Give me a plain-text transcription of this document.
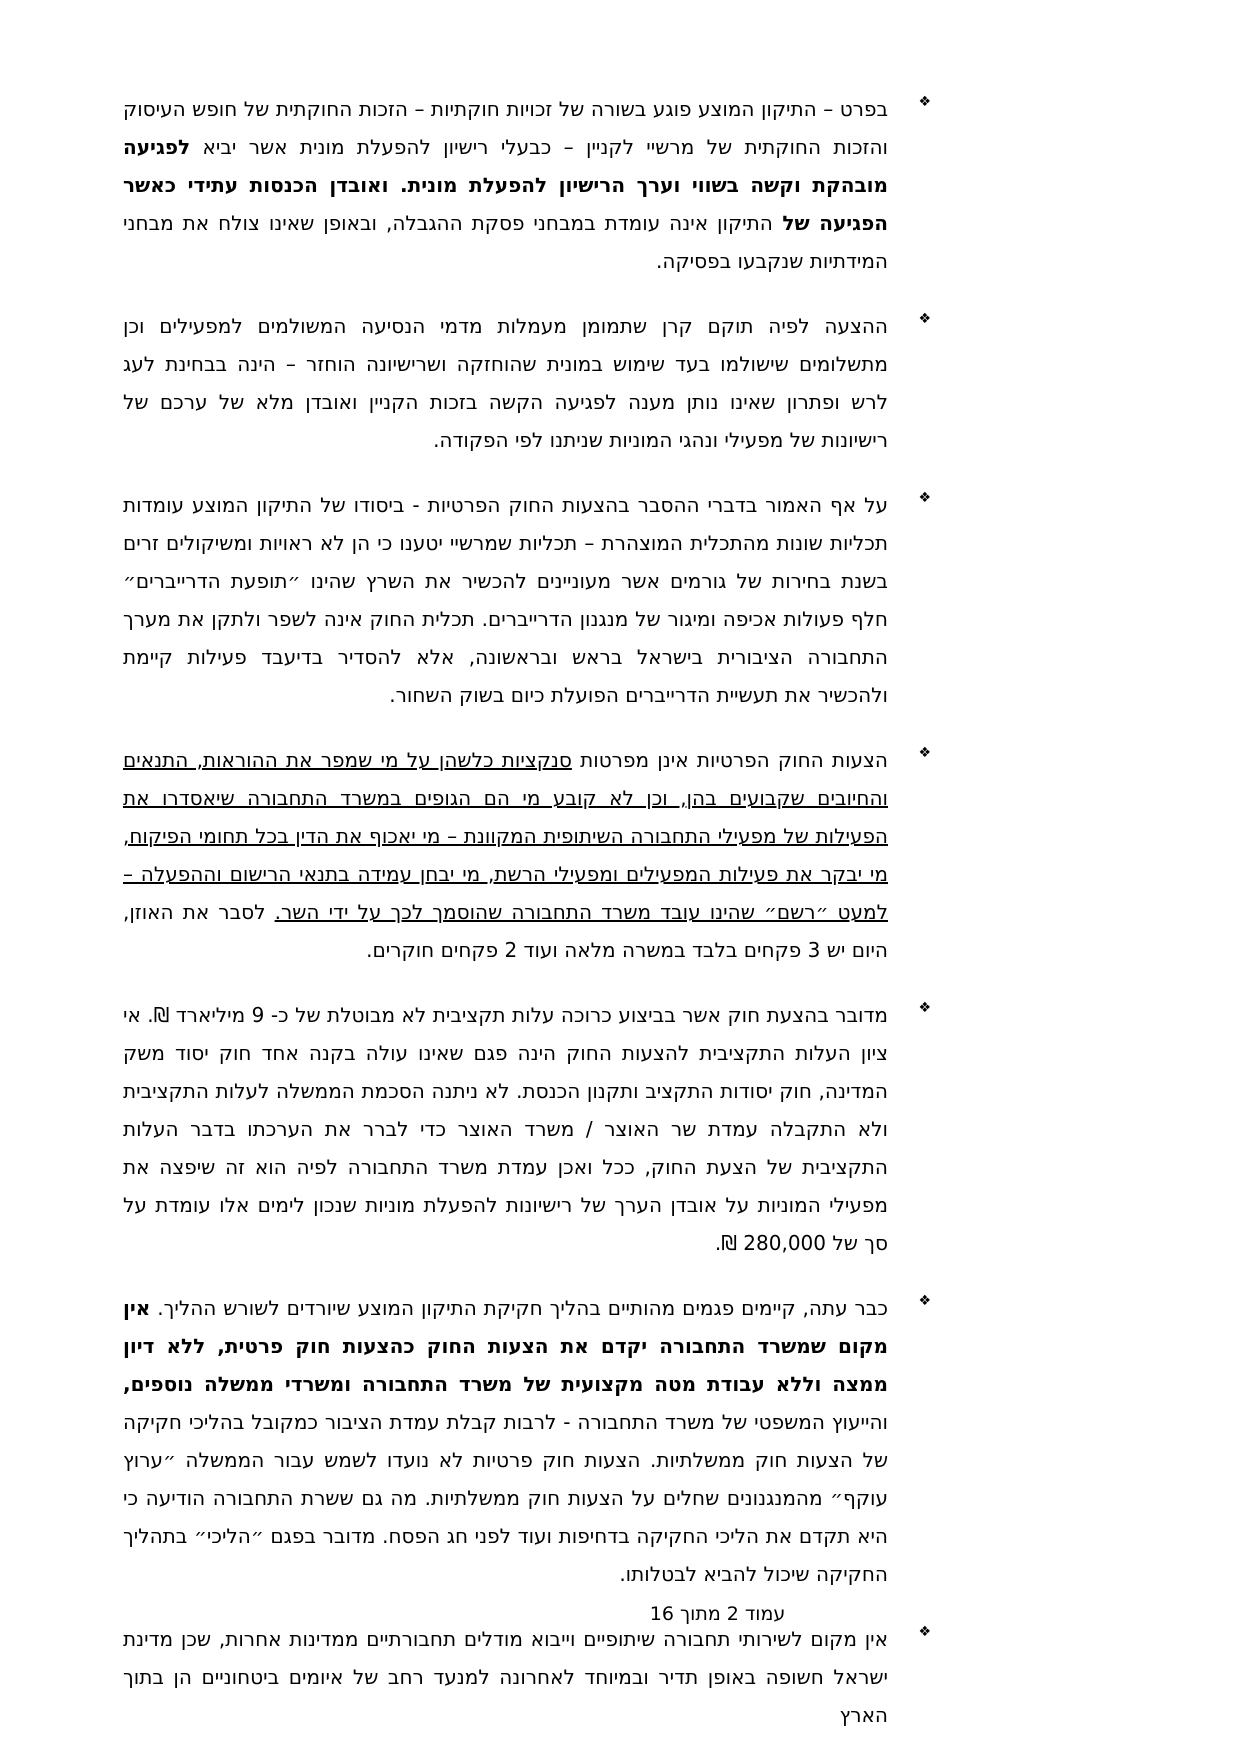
❖

בפרט – התיקון המוצע פוגע בשורה של זכויות חוקתיות – הזכות החוקתית של חופש העיסוק והזכות החוקתית של מרשיי לקניין – כבעלי רישיון להפעלת מונית אשר יביא לפגיעה מובהקת וקשה בשווי וערך הרישיון להפעלת מונית. ואובדן הכנסות עתידי כאשר הפגיעה של התיקון אינה עומדת במבחני פסקת ההגבלה, ובאופן שאינו צולח את מבחני המידתיות שנקבעו בפסיקה.

❖

ההצעה לפיה תוקם קרן שתמומן מעמלות מדמי הנסיעה המשולמים למפעילים וכן מתשלומים שישולמו בעד שימוש במונית שהוחזקה ושרישיונה הוחזר – הינה בבחינת לעג לרש ופתרון שאינו נותן מענה לפגיעה הקשה בזכות הקניין ואובדן מלא של ערכם של רישיונות של מפעילי ונהגי המוניות שניתנו לפי הפקודה.

❖

על אף האמור בדברי ההסבר בהצעות החוק הפרטיות - ביסודו של התיקון המוצע עומדות תכליות שונות מהתכלית המוצהרת – תכליות שמרשיי יטענו כי הן לא ראויות ומשיקולים זרים בשנת בחירות של גורמים אשר מעוניינים להכשיר את השרץ שהינו ״תופעת הדרייברים״ חלף פעולות אכיפה ומיגור של מנגנון הדרייברים. תכלית החוק אינה לשפר ולתקן את מערך התחבורה הציבורית בישראל בראש ובראשונה, אלא להסדיר בדיעבד פעילות קיימת ולהכשיר את תעשיית הדרייברים הפועלת כיום בשוק השחור.

❖

הצעות החוק הפרטיות אינן מפרטות סנקציות כלשהן על מי שמפר את ההוראות, התנאים והחיובים שקבועים בהן, וכן לא קובע מי הם הגופים במשרד התחבורה שיאסדרו את הפעילות של מפעילי התחבורה השיתופית המקוונת – מי יאכוף את הדין בכל תחומי הפיקוח, מי יבקר את פעילות המפעילים ומפעילי הרשת, מי יבחן עמידה בתנאי הרישום וההפעלה – למעט ״רשם״ שהינו עובד משרד התחבורה שהוסמך לכך על ידי השר. לסבר את האוזן, היום יש 3 פקחים בלבד במשרה מלאה ועוד 2 פקחים חוקרים.

❖

מדובר בהצעת חוק אשר בביצוע כרוכה עלות תקציבית לא מבוטלת של כ- 9 מיליארד ₪. אי ציון העלות התקציבית להצעות החוק הינה פגם שאינו עולה בקנה אחד חוק יסוד משק המדינה, חוק יסודות התקציב ותקנון הכנסת. לא ניתנה הסכמת הממשלה לעלות התקציבית ולא התקבלה עמדת שר האוצר / משרד האוצר כדי לברר את הערכתו בדבר העלות התקציבית של הצעת החוק, ככל ואכן עמדת משרד התחבורה לפיה הוא זה שיפצה את מפעילי המוניות על אובדן הערך של רישיונות להפעלת מוניות שנכון לימים אלו עומדת על סך של 280,000 ₪.

❖

כבר עתה, קיימים פגמים מהותיים בהליך חקיקת התיקון המוצע שיורדים לשורש ההליך. אין מקום שמשרד התחבורה יקדם את הצעות החוק כהצעות חוק פרטית, ללא דיון ממצה וללא עבודת מטה מקצועית של משרד התחבורה ומשרדי ממשלה נוספים, והייעוץ המשפטי של משרד התחבורה - לרבות קבלת עמדת הציבור כמקובל בהליכי חקיקה של הצעות חוק ממשלתיות. הצעות חוק פרטיות לא נועדו לשמש עבור הממשלה ״ערוץ עוקף״ מהמנגנונים שחלים על הצעות חוק ממשלתיות. מה גם ששרת התחבורה הודיעה כי היא תקדם את הליכי החקיקה בדחיפות ועוד לפני חג הפסח. מדובר בפגם ״הליכי״ בתהליך החקיקה שיכול להביא לבטלותו.

❖

אין מקום לשירותי תחבורה שיתופיים וייבוא מודלים תחבורתיים ממדינות אחרות, שכן מדינת ישראל חשופה באופן תדיר ובמיוחד לאחרונה למנעד רחב של איומים ביטחוניים הן בתוך הארץ

עמוד 2 מתוך 16
